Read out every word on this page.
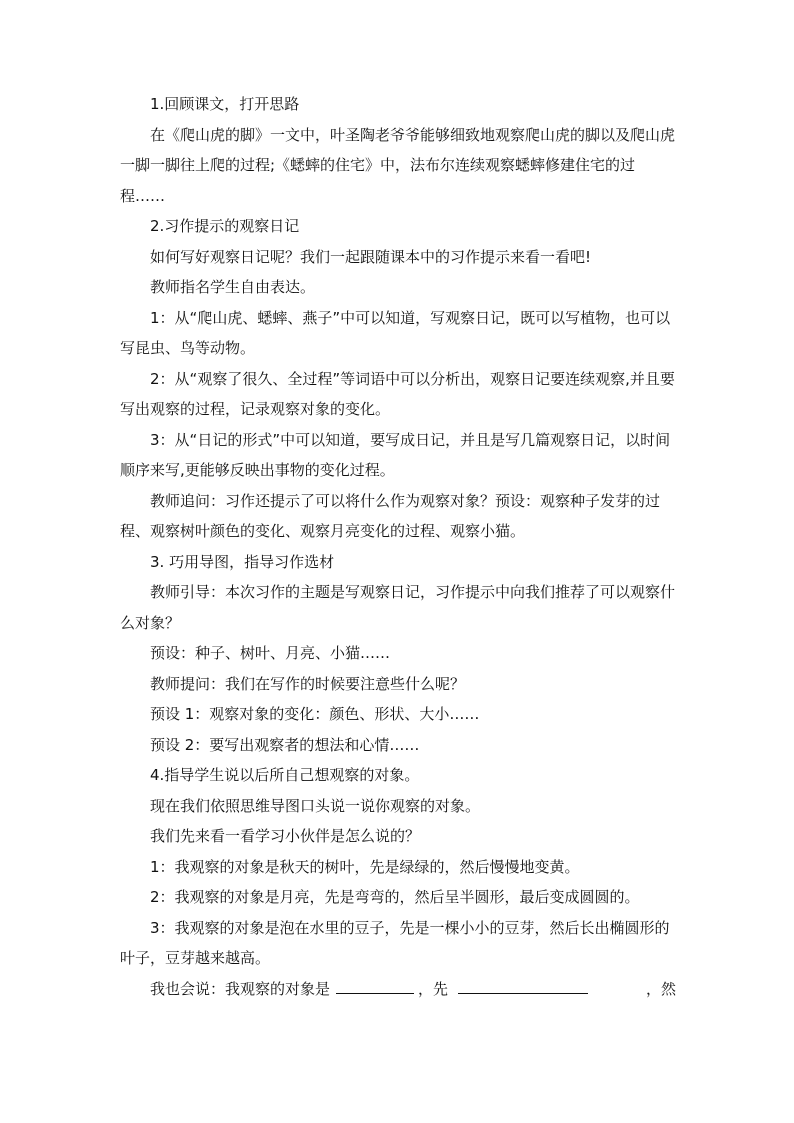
1.回顾课文，打开思路

在《爬山虎的脚》一文中，叶圣陶老爷爷能够细致地观察爬山虎的脚以及爬山虎一脚一脚往上爬的过程;《蟋蟀的住宅》中，法布尔连续观察蟋蟀修建住宅的过程……

2.习作提示的观察日记

如何写好观察日记呢？我们一起跟随课本中的习作提示来看一看吧!

教师指名学生自由表达。

1：从“爬山虎、蟋蟀、燕子”中可以知道，写观察日记，既可以写植物，也可以写昆虫、鸟等动物。

2：从“观察了很久、全过程”等词语中可以分析出，观察日记要连续观察,并且要写出观察的过程，记录观察对象的变化。

3：从“日记的形式”中可以知道，要写成日记，并且是写几篇观察日记，以时间顺序来写,更能够反映出事物的变化过程。

教师追问：习作还提示了可以将什么作为观察对象？预设：观察种子发芽的过程、观察树叶颜色的变化、观察月亮变化的过程、观察小猫。

3. 巧用导图，指导习作选材

教师引导：本次习作的主题是写观察日记，习作提示中向我们推荐了可以观察什么对象？

预设：种子、树叶、月亮、小猫……

教师提问：我们在写作的时候要注意些什么呢？

预设 1：观察对象的变化：颜色、形状、大小……

预设 2：要写出观察者的想法和心情……

4.指导学生说以后所自己想观察的对象。

现在我们依照思维导图口头说一说你观察的对象。

我们先来看一看学习小伙伴是怎么说的？

1：我观察的对象是秋天的树叶，先是绿绿的，然后慢慢地变黄。

2：我观察的对象是月亮，先是弯弯的，然后呈半圆形，最后变成圆圆的。

3：我观察的对象是泡在水里的豆子，先是一棵小小的豆芽，然后长出椭圆形的叶子，豆芽越来越高。

我也会说：我观察的对象是	，先	，然
